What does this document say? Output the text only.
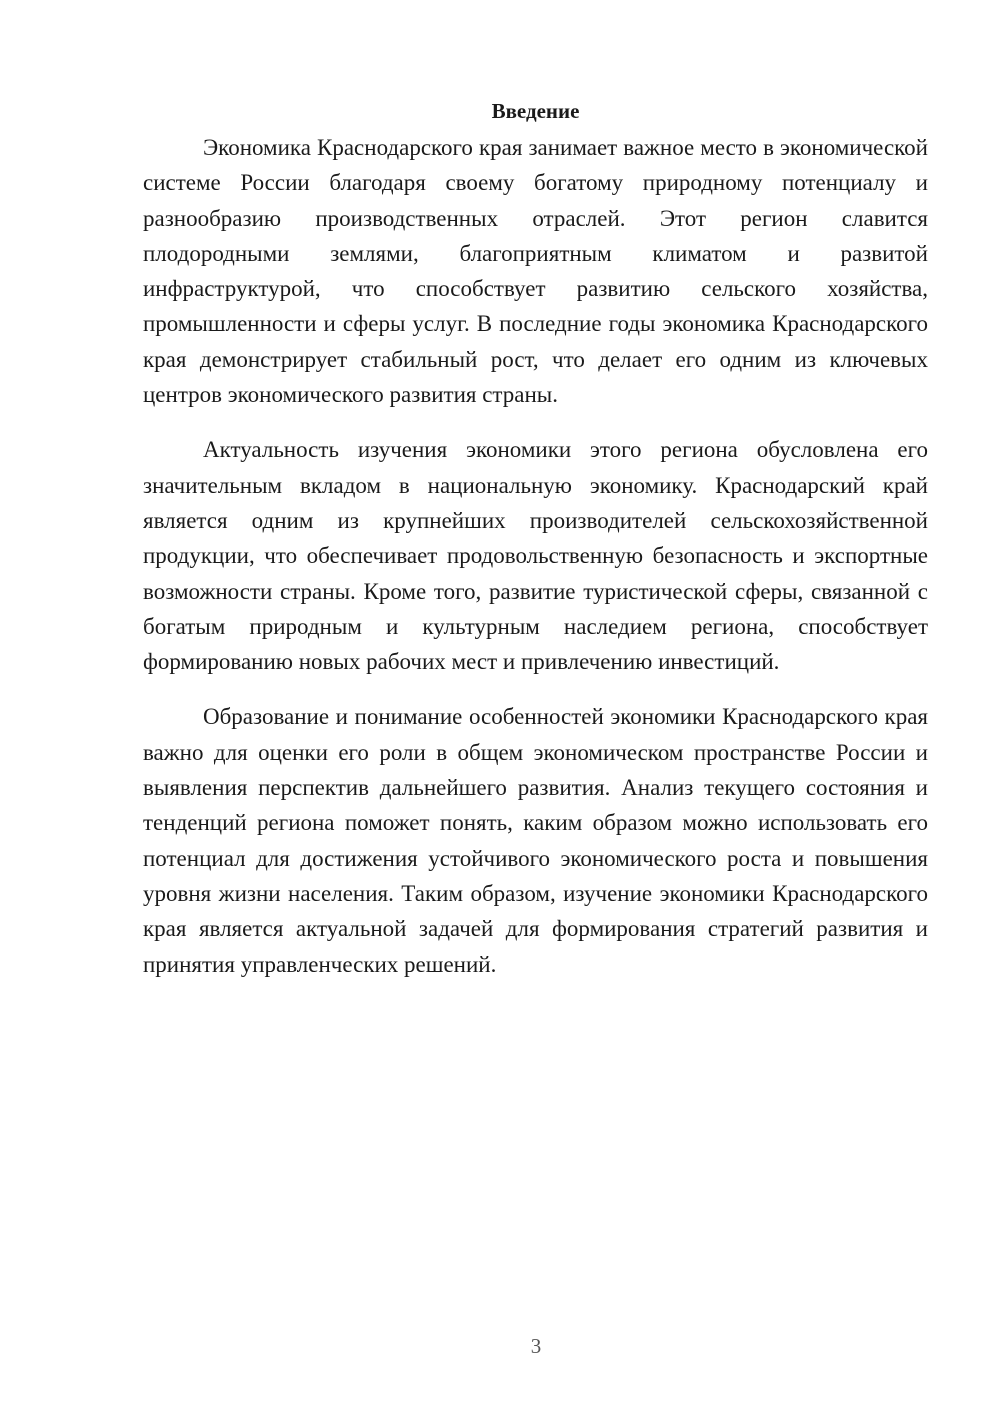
Введение

Экономика Краснодарского края занимает важное место в экономической системе России благодаря своему богатому природному потенциалу и разнообразию производственных отраслей. Этот регион славится плодородными землями, благоприятным климатом и развитой инфраструктурой, что способствует развитию сельского хозяйства, промышленности и сферы услуг. В последние годы экономика Краснодарского края демонстрирует стабильный рост, что делает его одним из ключевых центров экономического развития страны.

Актуальность изучения экономики этого региона обусловлена его значительным вкладом в национальную экономику. Краснодарский край является одним из крупнейших производителей сельскохозяйственной продукции, что обеспечивает продовольственную безопасность и экспортные возможности страны. Кроме того, развитие туристической сферы, связанной с богатым природным и культурным наследием региона, способствует формированию новых рабочих мест и привлечению инвестиций.

Образование и понимание особенностей экономики Краснодарского края важно для оценки его роли в общем экономическом пространстве России и выявления перспектив дальнейшего развития. Анализ текущего состояния и тенденций региона поможет понять, каким образом можно использовать его потенциал для достижения устойчивого экономического роста и повышения уровня жизни населения. Таким образом, изучение экономики Краснодарского края является актуальной задачей для формирования стратегий развития и принятия управленческих решений.

3
